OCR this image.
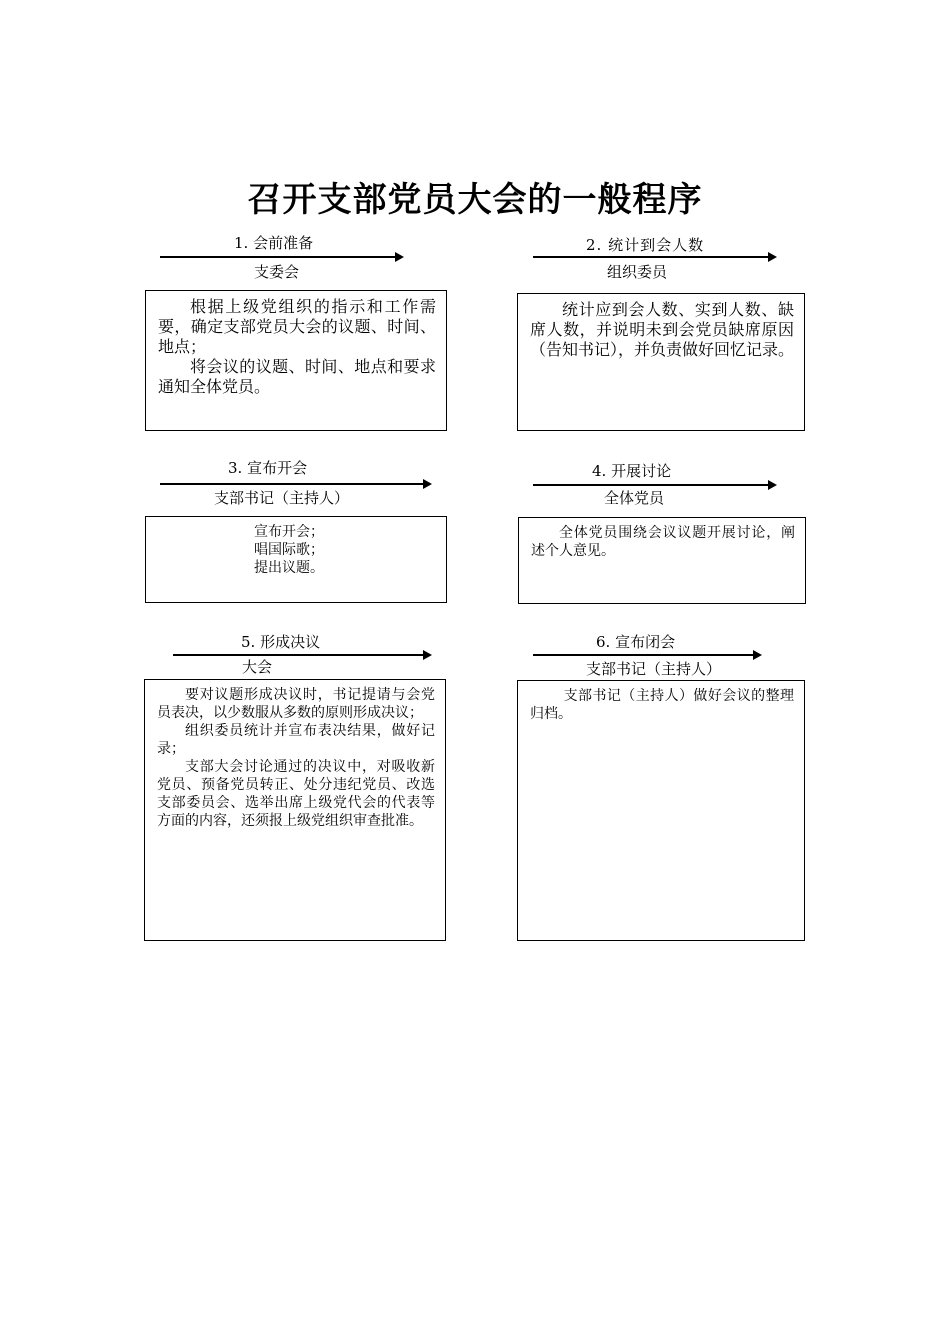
召开支部党员大会的一般程序
1. 会前准备
支委会

根据上级党组织的指示和工作需要，确定支部党员大会的议题、时间、地点；

将会议的议题、时间、地点和要求通知全体党员。

2. 统计到会人数
组织委员

统计应到会人数、实到人数、缺席人数，并说明未到会党员缺席原因（告知书记），并负责做好回忆记录。

3. 宣布开会
支部书记（主持人）

宣布开会；

唱国际歌；

提出议题。

4. 开展讨论
全体党员

全体党员围绕会议议题开展讨论，阐述个人意见。

5. 形成决议
大会

要对议题形成决议时，书记提请与会党员表决，以少数服从多数的原则形成决议；

组织委员统计并宣布表决结果，做好记录；

支部大会讨论通过的决议中，对吸收新党员、预备党员转正、处分违纪党员、改选支部委员会、选举出席上级党代会的代表等方面的内容，还须报上级党组织审查批准。

6. 宣布闭会
支部书记（主持人）

支部书记（主持人）做好会议的整理归档。
